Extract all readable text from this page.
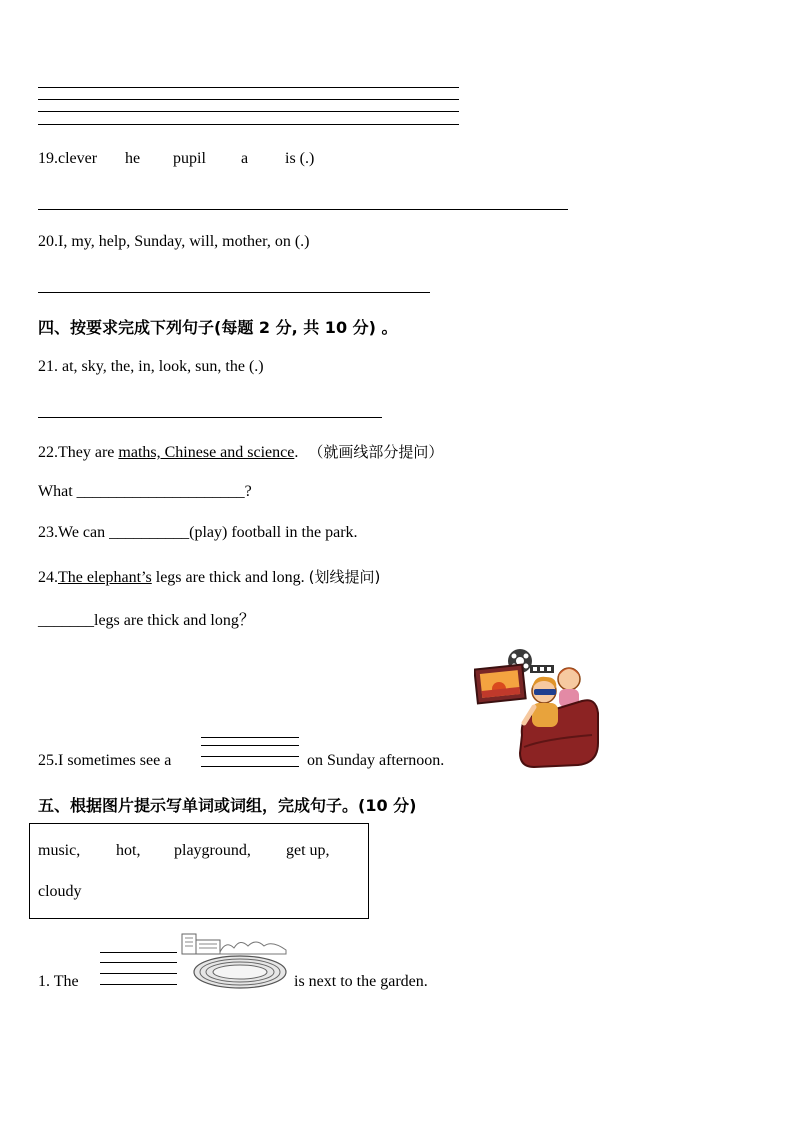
19.clever he pupil a is (.)
20.I, my, help, Sunday, will, mother, on (.)
四、按要求完成下列句子(每题 2 分, 共 10 分) 。
21. at, sky, the, in, look, sun, the (.)
22.They are maths, Chinese and science. （就画线部分提问）
What _____________________?
23.We can __________(play) football in the park.
24.The elephant’s legs are thick and long. (划线提问)
_______legs are thick and long？
25.I sometimes see a	on Sunday afternoon.
五、根据图片提示写单词或词组，完成句子。(10 分)
music, hot, playground, get up,
cloudy
1. The	is next to the garden.
